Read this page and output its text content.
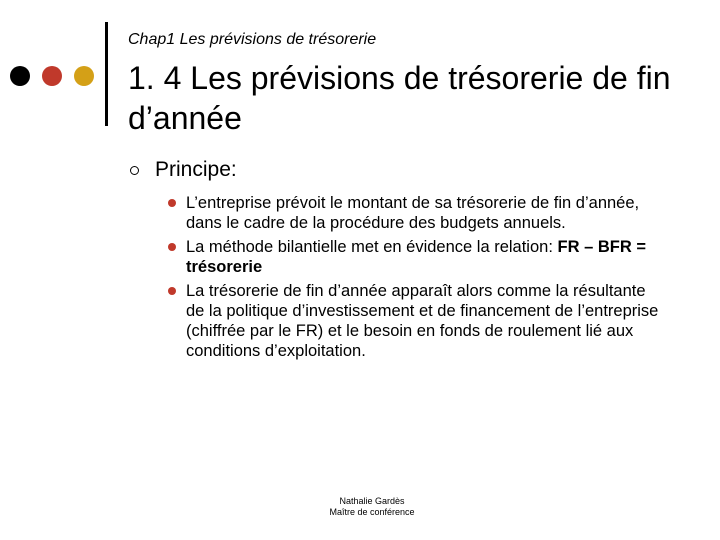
Chap1 Les prévisions de trésorerie
1. 4 Les prévisions de trésorerie de fin d’année
Principe:
L’entreprise prévoit le montant de sa trésorerie de fin d’année, dans le cadre de la procédure des budgets annuels.
La méthode bilantielle met en évidence la relation: FR – BFR = trésorerie
La trésorerie de fin d’année apparaît alors comme la résultante de la politique d’investissement et de financement de l’entreprise (chiffrée par le FR) et le besoin en fonds de roulement lié aux conditions d’exploitation.
Nathalie Gardès
Maître de conférence
